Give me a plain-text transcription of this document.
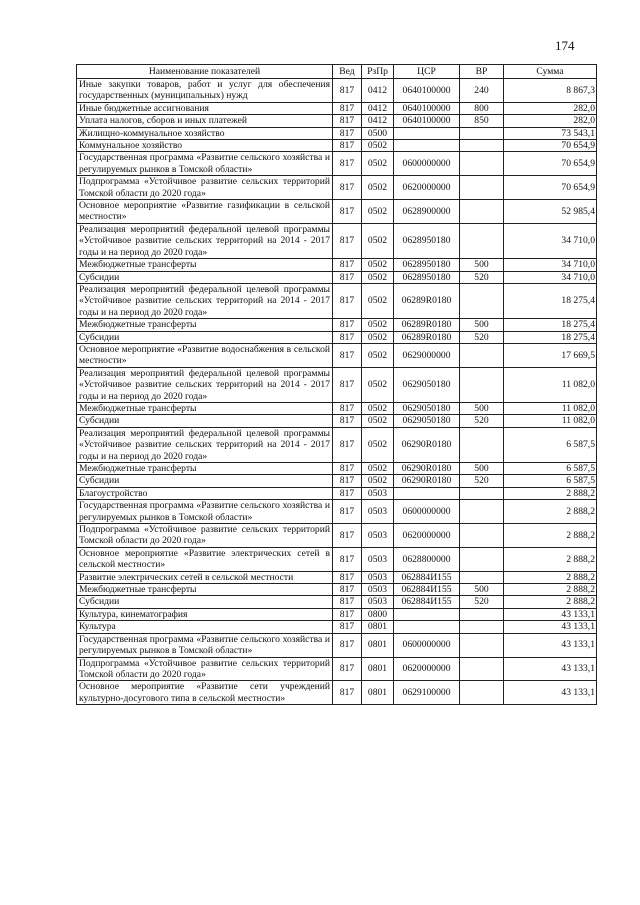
174
Наименование показателей	Вед	РзПр	ЦСР	ВР	Сумма
Иные закупки товаров, работ и услуг для обеспечения государственных (муниципальных) нужд	817	0412	0640100000	240	8 867,3
Иные бюджетные ассигнования	817	0412	0640100000	800	282,0
Уплата налогов, сборов и иных платежей	817	0412	0640100000	850	282,0
Жилищно-коммунальное хозяйство	817	0500			73 543,1
Коммунальное хозяйство	817	0502			70 654,9
Государственная программа «Развитие сельского хозяйства и регулируемых рынков в Томской области»	817	0502	0600000000		70 654,9
Подпрограмма «Устойчивое развитие сельских территорий Томской области до 2020 года»	817	0502	0620000000		70 654,9
Основное мероприятие «Развитие газификации в сельской местности»	817	0502	0628900000		52 985,4
Реализация мероприятий федеральной целевой программы «Устойчивое развитие сельских территорий на 2014 - 2017 годы и на период до 2020 года»	817	0502	0628950180		34 710,0
Межбюджетные трансферты	817	0502	0628950180	500	34 710,0
Субсидии	817	0502	0628950180	520	34 710,0
Реализация мероприятий федеральной целевой программы «Устойчивое развитие сельских территорий на 2014 - 2017 годы и на период до 2020 года»	817	0502	06289R0180		18 275,4
Межбюджетные трансферты	817	0502	06289R0180	500	18 275,4
Субсидии	817	0502	06289R0180	520	18 275,4
Основное мероприятие «Развитие водоснабжения в сельской местности»	817	0502	0629000000		17 669,5
Реализация мероприятий федеральной целевой программы «Устойчивое развитие сельских территорий на 2014 - 2017 годы и на период до 2020 года»	817	0502	0629050180		11 082,0
Межбюджетные трансферты	817	0502	0629050180	500	11 082,0
Субсидии	817	0502	0629050180	520	11 082,0
Реализация мероприятий федеральной целевой программы «Устойчивое развитие сельских территорий на 2014 - 2017 годы и на период до 2020 года»	817	0502	06290R0180		6 587,5
Межбюджетные трансферты	817	0502	06290R0180	500	6 587,5
Субсидии	817	0502	06290R0180	520	6 587,5
Благоустройство	817	0503			2 888,2
Государственная программа «Развитие сельского хозяйства и регулируемых рынков в Томской области»	817	0503	0600000000		2 888,2
Подпрограмма «Устойчивое развитие сельских территорий Томской области до 2020 года»	817	0503	0620000000		2 888,2
Основное мероприятие «Развитие электрических сетей в сельской местности»	817	0503	0628800000		2 888,2
Развитие электрических сетей в сельской местности	817	0503	062884И155		2 888,2
Межбюджетные трансферты	817	0503	062884И155	500	2 888,2
Субсидии	817	0503	062884И155	520	2 888,2
Культура, кинематография	817	0800			43 133,1
Культура	817	0801			43 133,1
Государственная программа «Развитие сельского хозяйства и регулируемых рынков в Томской области»	817	0801	0600000000		43 133,1
Подпрограмма «Устойчивое развитие сельских территорий Томской области до 2020 года»	817	0801	0620000000		43 133,1
Основное мероприятие «Развитие сети учреждений культурно-досугового типа в сельской местности»	817	0801	0629100000		43 133,1
